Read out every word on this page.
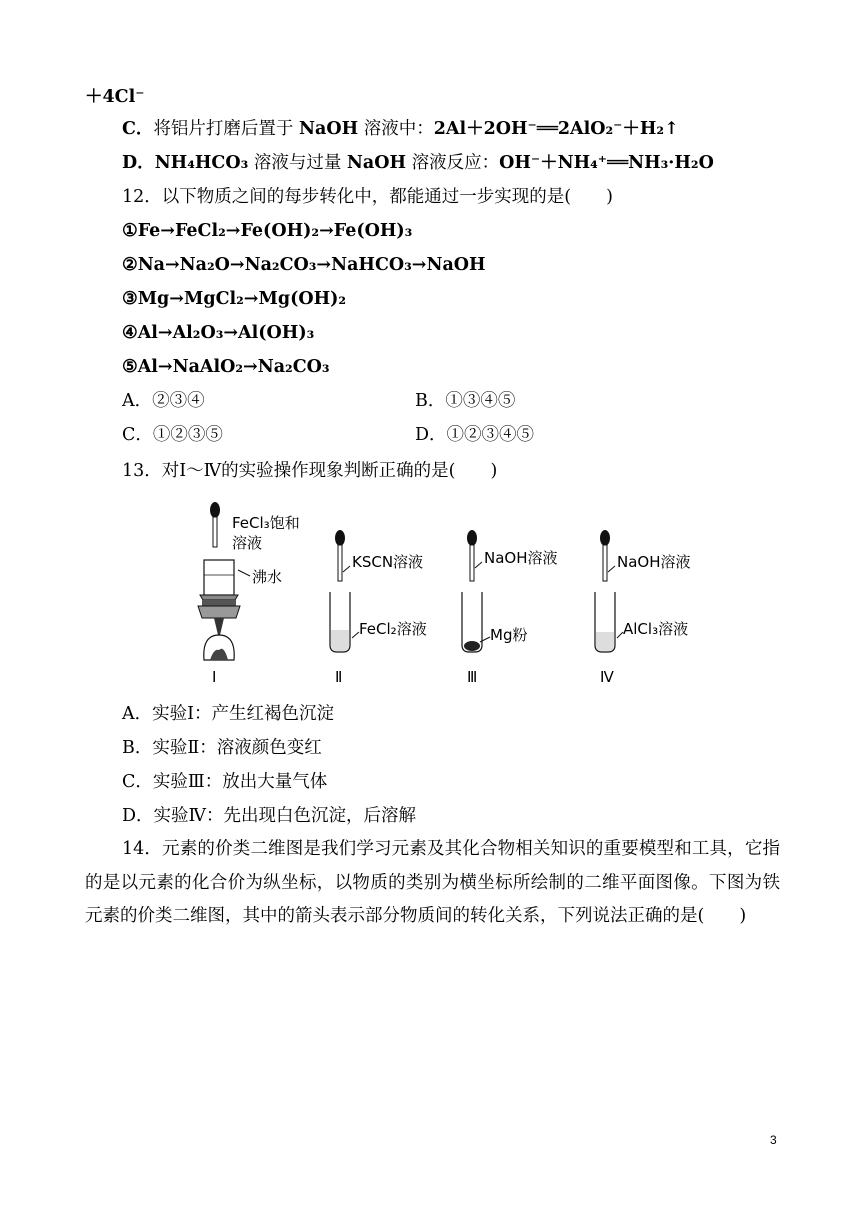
＋4Cl⁻
C．将铝片打磨后置于 NaOH 溶液中：2Al＋2OH⁻══2AlO₂⁻＋H₂↑
D．NH₄HCO₃ 溶液与过量 NaOH 溶液反应：OH⁻＋NH₄⁺══NH₃·H₂O
12．以下物质之间的每步转化中，都能通过一步实现的是(　　)
①Fe→FeCl₂→Fe(OH)₂→Fe(OH)₃
②Na→Na₂O→Na₂CO₃→NaHCO₃→NaOH
③Mg→MgCl₂→Mg(OH)₂
④Al→Al₂O₃→Al(OH)₃
⑤Al→NaAlO₂→Na₂CO₃
A．②③④	B．①③④⑤
C．①②③⑤	D．①②③④⑤
13．对Ⅰ～Ⅳ的实验操作现象判断正确的是(　　)
FeCl₃饱和
溶液
沸水
Ⅰ
KSCN溶液
FeCl₂溶液
Ⅱ
NaOH溶液
Mg粉
Ⅲ
NaOH溶液
AlCl₃溶液
Ⅳ
A．实验Ⅰ：产生红褐色沉淀
B．实验Ⅱ：溶液颜色变红
C．实验Ⅲ：放出大量气体
D．实验Ⅳ：先出现白色沉淀，后溶解
14．元素的价类二维图是我们学习元素及其化合物相关知识的重要模型和工具，它指的是以元素的化合价为纵坐标，以物质的类别为横坐标所绘制的二维平面图像。下图为铁元素的价类二维图，其中的箭头表示部分物质间的转化关系，下列说法正确的是(　　)
3
